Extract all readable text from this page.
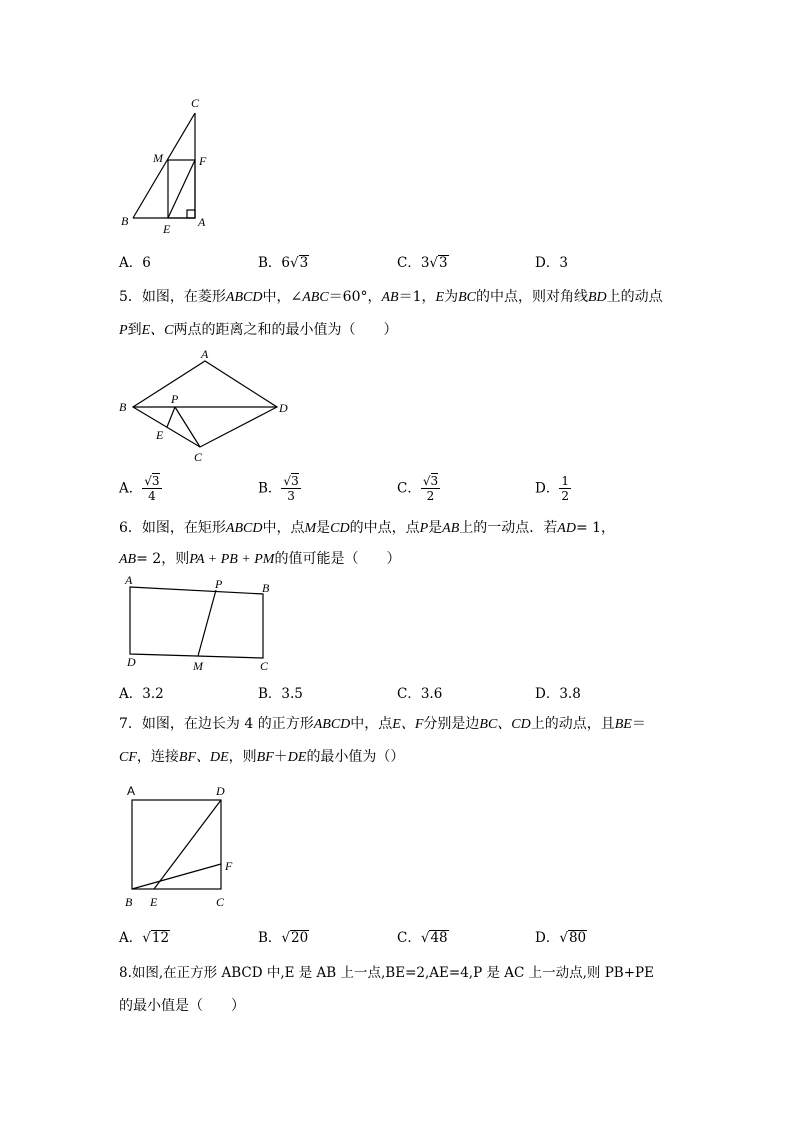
C
M	F
B
E A
A．6	B．6√3	C．3√3	D．3
5．如图，在菱形ABCD中，∠ABC＝60°，AB＝1，E为BC的中点，则对角线BD上的动点
P到E、C两点的距离之和的最小值为（　　）
A
B
P
D
E
C
A． $\frac{√3}{4}$	B． $\frac{√3}{3}$	C． $\frac{√3}{2}$	D． $\frac{1}{2}$
6．如图，在矩形ABCD中，点M是CD的中点，点P是AB上的一动点．若AD= 1，
AB= 2，则PA + PB + PM的值可能是（　　）
A	P	B
D	M	C
A．3.2	B．3.5	C．3.6	D．3.8
7．如图，在边长为 4 的正方形ABCD中，点E、F分别是边BC、CD上的动点，且BE＝
CF，连接BF、DE，则BF＋DE的最小值为（）
A	D
F
B E	C
A．√12	B．√20	C．√48	D．√80
8.如图,在正方形 ABCD 中,E 是 AB 上一点,BE=2,AE=4,P 是 AC 上一动点,则 PB+PE
的最小值是（　　）
